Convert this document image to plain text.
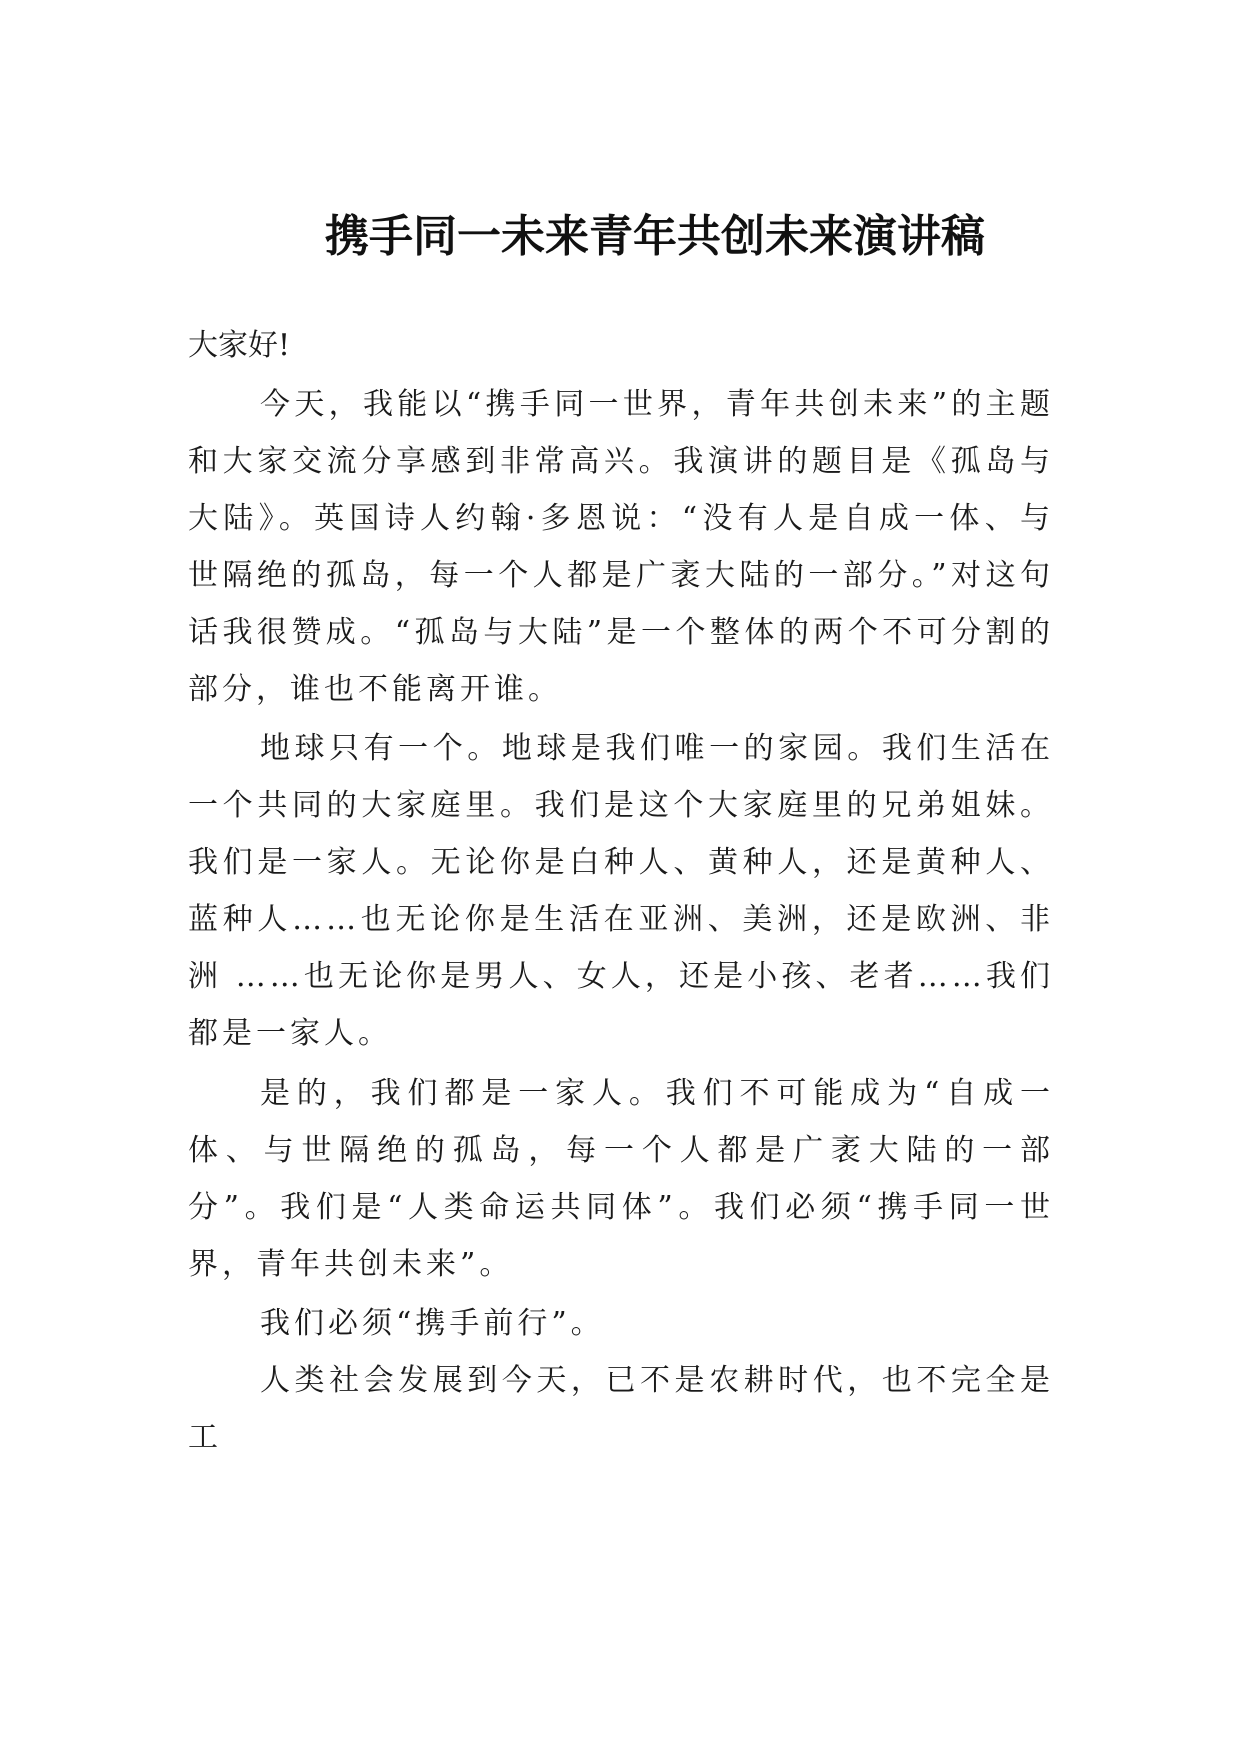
携手同一未来青年共创未来演讲稿
大家好!

今天，我能以“携手同一世界，青年共创未来”的主题和大家交流分享感到非常高兴。我演讲的题目是《孤岛与大陆》。英国诗人约翰·多恩说：“没有人是自成一体、与世隔绝的孤岛，每一个人都是广袤大陆的一部分。”对这句话我很赞成。“孤岛与大陆”是一个整体的两个不可分割的部分，谁也不能离开谁。

地球只有一个。地球是我们唯一的家园。我们生活在一个共同的大家庭里。我们是这个大家庭里的兄弟姐妹。我们是一家人。无论你是白种人、黄种人，还是黄种人、蓝种人……也无论你是生活在亚洲、美洲，还是欧洲、非洲 ……也无论你是男人、女人，还是小孩、老者……我们都是一家人。

是的，我们都是一家人。我们不可能成为“自成一体、与世隔绝的孤岛，每一个人都是广袤大陆的一部分”。我们是“人类命运共同体”。我们必须“携手同一世界，青年共创未来”。

我们必须“携手前行”。

人类社会发展到今天，已不是农耕时代，也不完全是工
